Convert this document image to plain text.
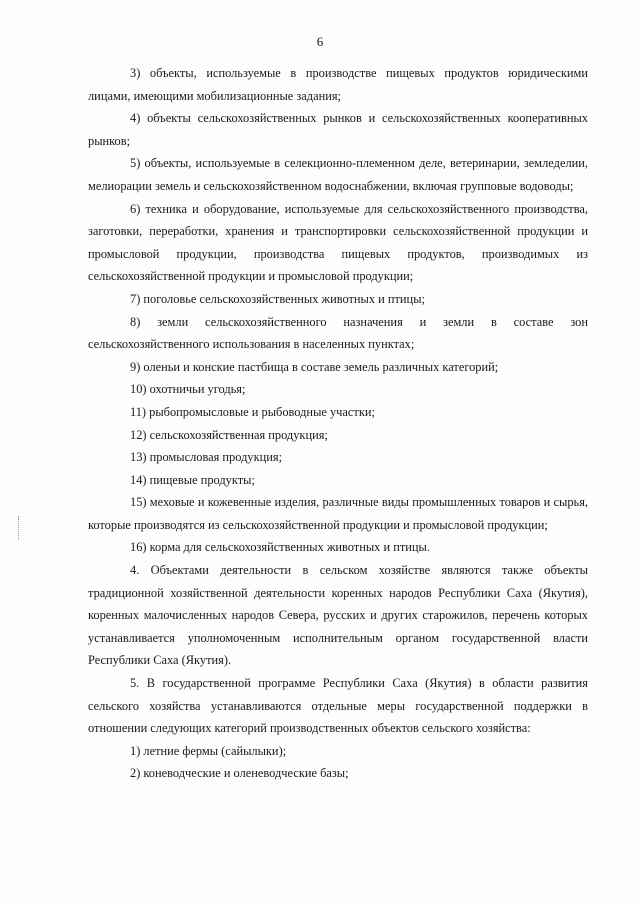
6

3) объекты, используемые в производстве пищевых продуктов юридическими лицами, имеющими мобилизационные задания;

4) объекты сельскохозяйственных рынков и сельскохозяйственных кооперативных рынков;

5) объекты, используемые в селекционно-племенном деле, ветеринарии, земледелии, мелиорации земель и сельскохозяйственном водоснабжении, включая групповые водоводы;

6) техника и оборудование, используемые для сельскохозяйственного производства, заготовки, переработки, хранения и транспортировки сельскохозяйственной продукции и промысловой продукции, производства пищевых продуктов, производимых из сельскохозяйственной продукции и промысловой продукции;

7) поголовье сельскохозяйственных животных и птицы;

8) земли сельскохозяйственного назначения и земли в составе зон сельскохозяйственного использования в населенных пунктах;

9) оленьи и конские пастбища в составе земель различных категорий;

10) охотничьи угодья;

11) рыбопромысловые и рыбоводные участки;

12) сельскохозяйственная продукция;

13) промысловая продукция;

14) пищевые продукты;

15) меховые и кожевенные изделия, различные виды промышленных товаров и сырья, которые производятся из сельскохозяйственной продукции и промысловой продукции;

16) корма для сельскохозяйственных животных и птицы.

4. Объектами деятельности в сельском хозяйстве являются также объекты традиционной хозяйственной деятельности коренных народов Республики Саха (Якутия), коренных малочисленных народов Севера, русских и других старожилов, перечень которых устанавливается уполномоченным исполнительным органом государственной власти Республики Саха (Якутия).

5. В государственной программе Республики Саха (Якутия) в области развития сельского хозяйства устанавливаются отдельные меры государственной поддержки в отношении следующих категорий производственных объектов сельского хозяйства:

1) летние фермы (сайылыки);

2) коневодческие и оленеводческие базы;
